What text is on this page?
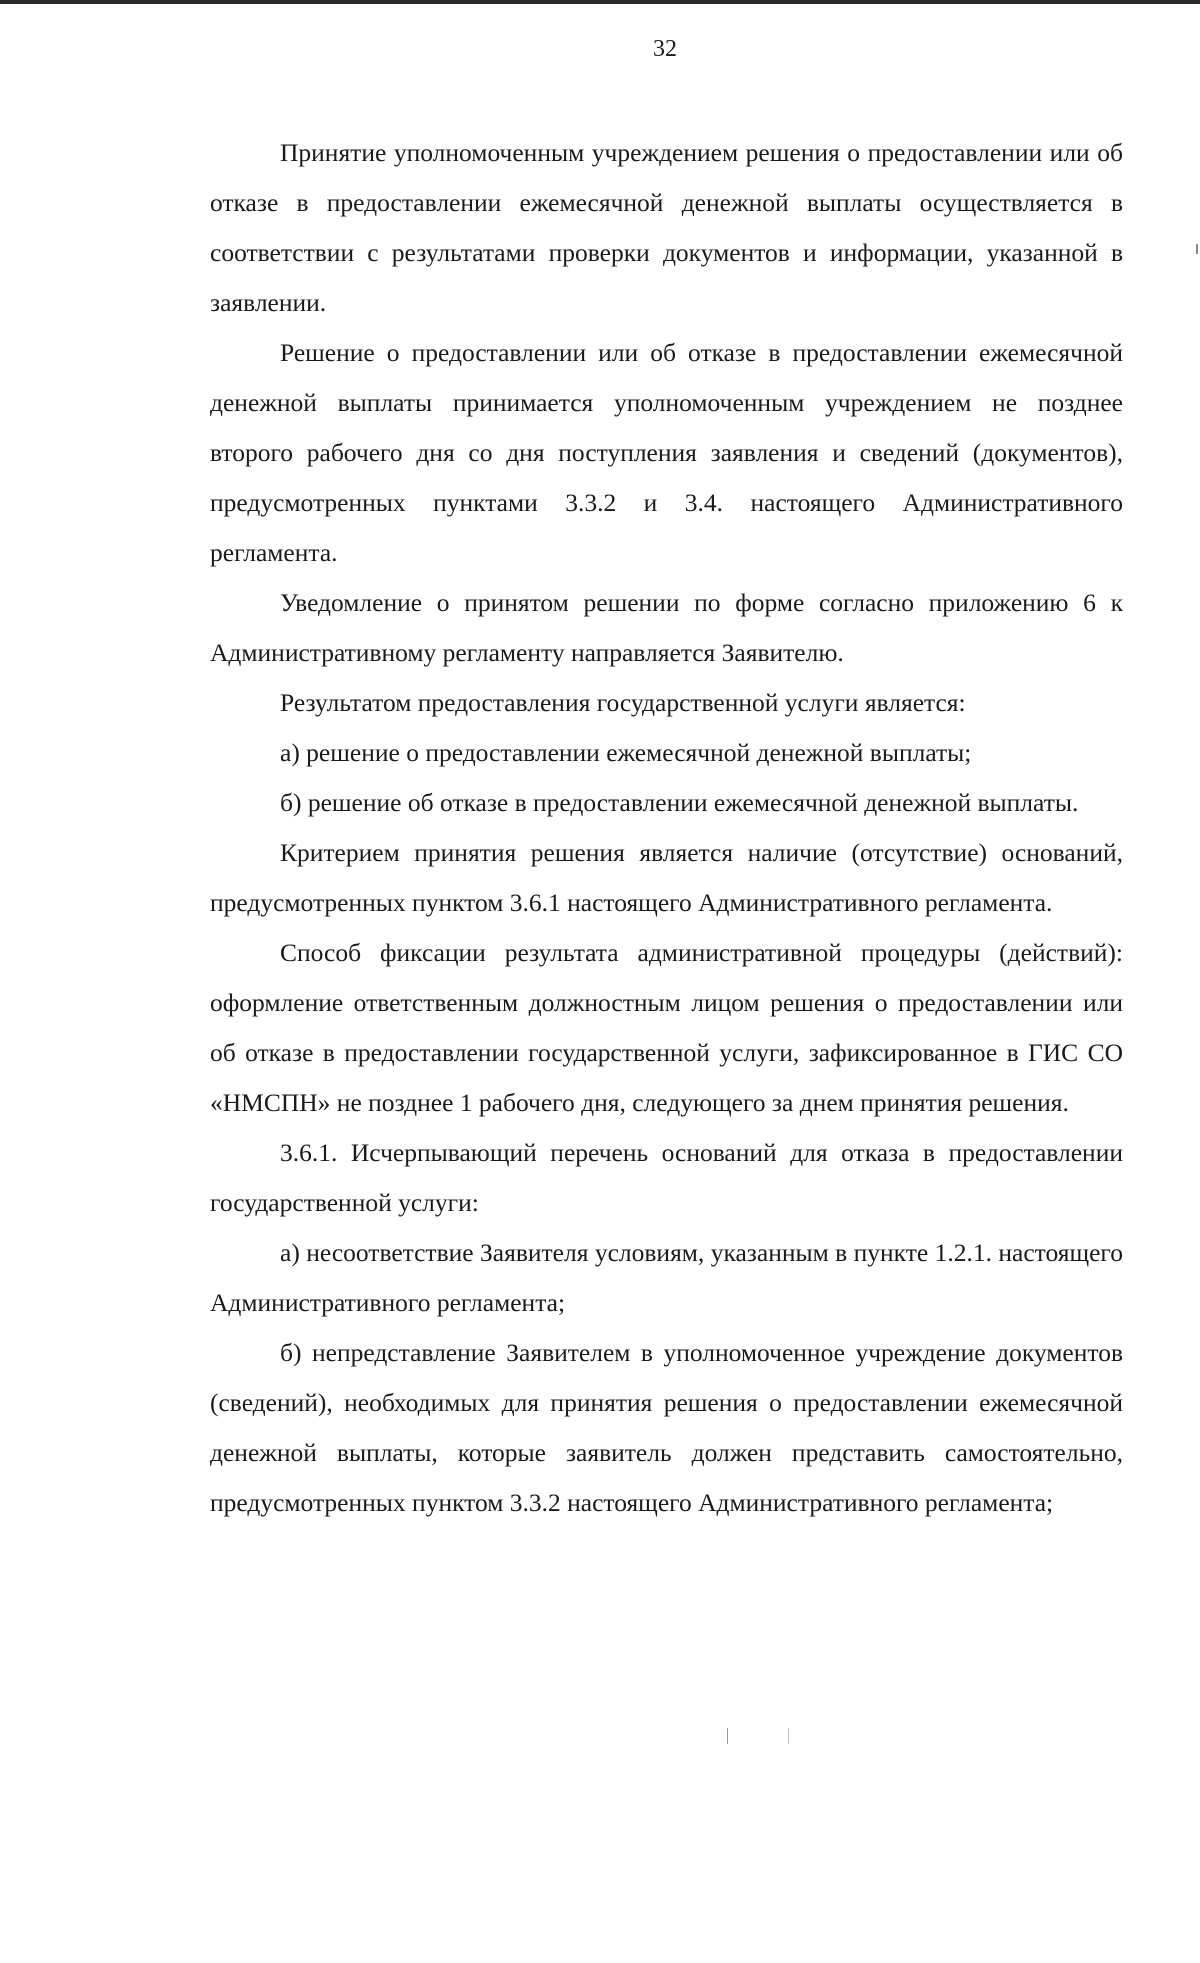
32

Принятие уполномоченным учреждением решения о предоставлении или об отказе в предоставлении ежемесячной денежной выплаты осуществляется в соответствии с результатами проверки документов и информации, указанной в заявлении.

Решение о предоставлении или об отказе в предоставлении ежемесячной денежной выплаты принимается уполномоченным учреждением не позднее второго рабочего дня со дня поступления заявления и сведений (документов), предусмотренных пунктами 3.3.2 и 3.4. настоящего Административного регламента.

Уведомление о принятом решении по форме согласно приложению 6 к Административному регламенту направляется Заявителю.

Результатом предоставления государственной услуги является:

а) решение о предоставлении ежемесячной денежной выплаты;

б) решение об отказе в предоставлении ежемесячной денежной выплаты.

Критерием принятия решения является наличие (отсутствие) оснований, предусмотренных пунктом 3.6.1 настоящего Административного регламента.

Способ фиксации результата административной процедуры (действий): оформление ответственным должностным лицом решения о предоставлении или об отказе в предоставлении государственной услуги, зафиксированное в ГИС СО «НМСПН» не позднее 1 рабочего дня, следующего за днем принятия решения.

3.6.1. Исчерпывающий перечень оснований для отказа в предоставлении государственной услуги:

а) несоответствие Заявителя условиям, указанным в пункте 1.2.1. настоящего Административного регламента;

б) непредставление Заявителем в уполномоченное учреждение документов (сведений), необходимых для принятия решения о предоставлении ежемесячной денежной выплаты, которые заявитель должен представить самостоятельно, предусмотренных пунктом 3.3.2 настоящего Административного регламента;
